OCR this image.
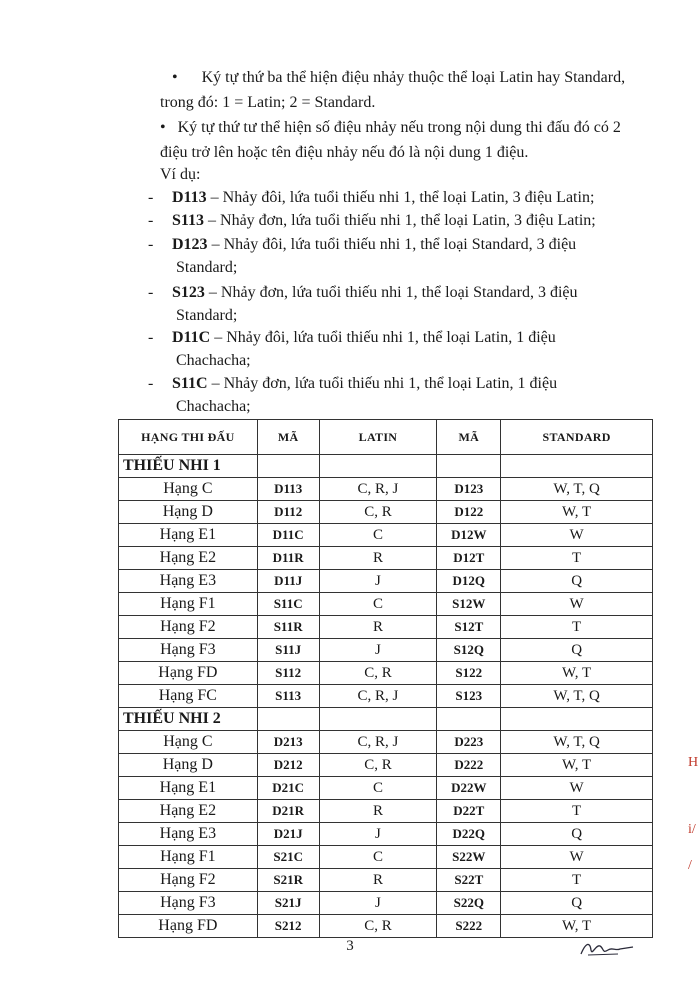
• Ký tự thứ ba thể hiện điệu nhảy thuộc thể loại Latin hay Standard,

trong đó: 1 = Latin; 2 = Standard.

• Ký tự thứ tư thể hiện số điệu nhảy nếu trong nội dung thi đấu đó có 2

điệu trở lên hoặc tên điệu nhảy nếu đó là nội dung 1 điệu.

Ví dụ:

- D113 – Nhảy đôi, lứa tuổi thiếu nhi 1, thể loại Latin, 3 điệu Latin;
- S113 – Nhảy đơn, lứa tuổi thiếu nhi 1, thể loại Latin, 3 điệu Latin;
- D123 – Nhảy đôi, lứa tuổi thiếu nhi 1, thể loại Standard, 3 điệu
Standard;
- S123 – Nhảy đơn, lứa tuổi thiếu nhi 1, thể loại Standard, 3 điệu
Standard;
- D11C – Nhảy đôi, lứa tuổi thiếu nhi 1, thể loại Latin, 1 điệu
Chachacha;
- S11C – Nhảy đơn, lứa tuổi thiếu nhi 1, thể loại Latin, 1 điệu
Chachacha;
HẠNG THI ĐẤU	MÃ	LATIN	MÃ	STANDARD
THIẾU NHI 1				
Hạng C	D113	C, R, J	D123	W, T, Q
Hạng D	D112	C, R	D122	W, T
Hạng E1	D11C	C	D12W	W
Hạng E2	D11R	R	D12T	T
Hạng E3	D11J	J	D12Q	Q
Hạng F1	S11C	C	S12W	W
Hạng F2	S11R	R	S12T	T
Hạng F3	S11J	J	S12Q	Q
Hạng FD	S112	C, R	S122	W, T
Hạng FC	S113	C, R, J	S123	W, T, Q
THIẾU NHI 2				
Hạng C	D213	C, R, J	D223	W, T, Q
Hạng D	D212	C, R	D222	W, T
Hạng E1	D21C	C	D22W	W
Hạng E2	D21R	R	D22T	T
Hạng E3	D21J	J	D22Q	Q
Hạng F1	S21C	C	S22W	W
Hạng F2	S21R	R	S22T	T
Hạng F3	S21J	J	S22Q	Q
Hạng FD	S212	C, R	S222	W, T
3
H
i/
/
